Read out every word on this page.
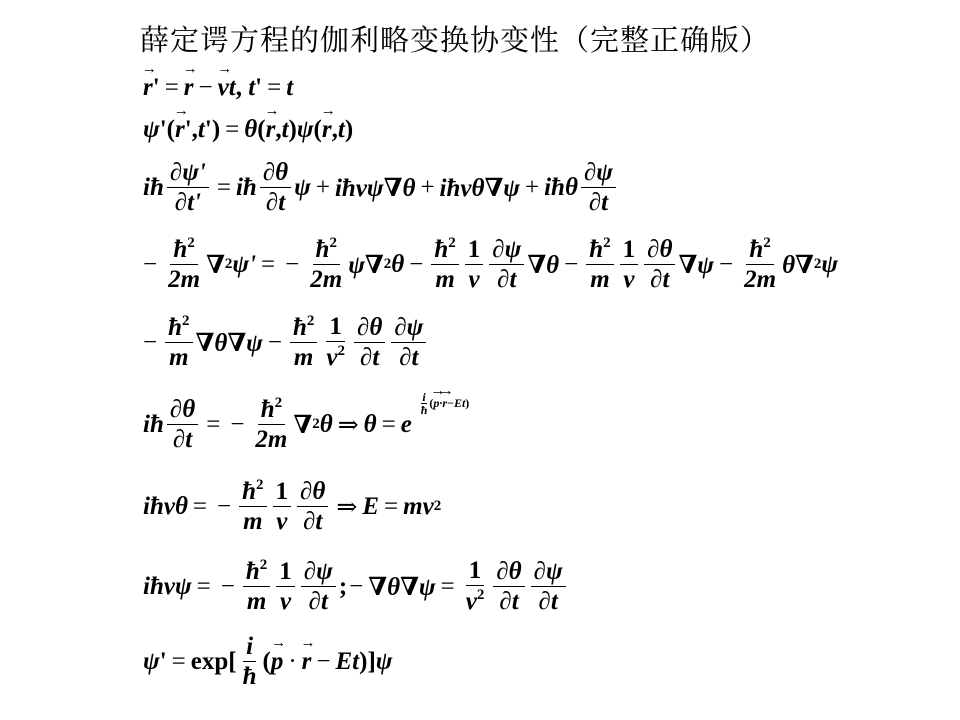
薛定谔方程的伽利略变换协变性（完整正确版）
→ r' = → r − → vt, t' = t
ψ'(→ r',t') = θ(→ r,t)ψ(→ r,t)
iħ $\frac{\partial\psi'}{\partial t'}$ = iħ $\frac{\partial\theta}{\partial t}$ ψ + iħvψ∇θ + iħvθ∇ψ + iħθ $\frac{\partial\psi}{\partial t}$
− $\frac{ħ^2}{2m}$ ∇ 2 ψ' = − $\frac{ħ^2}{2m} \psi\nabla$ 2 $\theta - \frac{ħ^2}{m} \frac{1}{v} \frac{\partial\psi}{\partial t} \nabla\theta - \frac{ħ^2}{m} \frac{1}{v} \frac{\partial\theta}{\partial t} \nabla\psi - \frac{ħ^2}{2m} \theta\nabla$ 2 ψ
− $\frac{ħ^2}{m} \nabla\theta\nabla\psi - \frac{ħ^2}{m} \frac{1}{v^2} \frac{\partial\theta}{\partial t} \frac{\partial\psi}{\partial t}$
iħ $\frac{\partial\theta}{\partial t}$ = − $\frac{ħ^2}{2m}$ ∇ 2 θ ⇒ θ = e
$\frac{i}{ħ}$ ( → p · → r − Et )
iħvθ = − $\frac{ħ^2}{m} \frac{1}{v} \frac{\partial\theta}{\partial t}$ ⇒ E = mv 2
iħvψ = − $\frac{ħ^2}{m} \frac{1}{v} \frac{\partial\psi}{\partial t}$ ; − $\nabla\theta\nabla\psi = \frac{1}{v^2} \frac{\partial\theta}{\partial t} \frac{\partial\psi}{\partial t}$
ψ ' = $\exp[ \frac{i}{ħ}$ ( → p · → r − Et )] ψ
